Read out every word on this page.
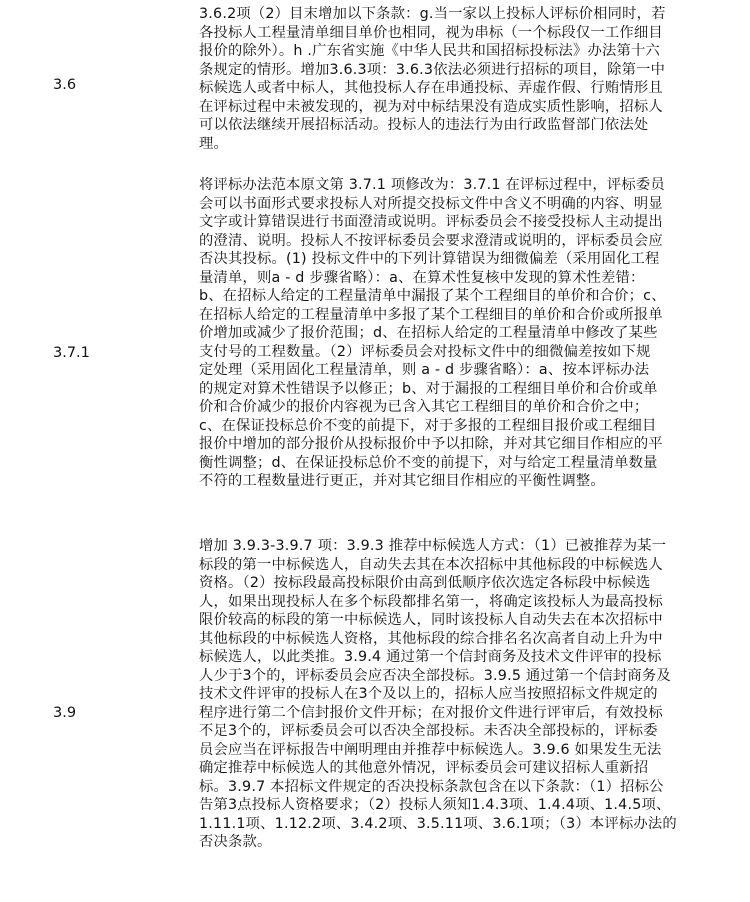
3.6
3.6.2项（2）目末增加以下条款：g.当一家以上投标人评标价相同时，若
各投标人工程量清单细目单价也相同，视为串标（一个标段仅一工作细目
报价的除外）。h .广东省实施《中华人民共和国招标投标法》办法第十六
条规定的情形。增加3.6.3项：3.6.3依法必须进行招标的项目，除第一中
标候选人或者中标人，其他投标人存在串通投标、弄虚作假、行贿情形且
在评标过程中未被发现的，视为对中标结果没有造成实质性影响，招标人
可以依法继续开展招标活动。投标人的违法行为由行政监督部门依法处
理。
3.7.1
将评标办法范本原文第 3.7.1 项修改为：3.7.1 在评标过程中，评标委员
会可以书面形式要求投标人对所提交投标文件中含义不明确的内容、明显
文字或计算错误进行书面澄清或说明。评标委员会不接受投标人主动提出
的澄清、说明。投标人不按评标委员会要求澄清或说明的，评标委员会应
否决其投标。(1) 投标文件中的下列计算错误为细微偏差（采用固化工程
量清单，则a - d 步骤省略）：a、在算术性复核中发现的算术性差错：
b、在招标人给定的工程量清单中漏报了某个工程细目的单价和合价；c、
在招标人给定的工程量清单中多报了某个工程细目的单价和合价或所报单
价增加或减少了报价范围；d、在招标人给定的工程量清单中修改了某些
支付号的工程数量。（2）评标委员会对投标文件中的细微偏差按如下规
定处理（采用固化工程量清单，则 a - d 步骤省略）：a、按本评标办法
的规定对算术性错误予以修正；b、对于漏报的工程细目单价和合价或单
价和合价减少的报价内容视为已含入其它工程细目的单价和合价之中；
c、在保证投标总价不变的前提下，对于多报的工程细目报价或工程细目
报价中增加的部分报价从投标报价中予以扣除，并对其它细目作相应的平
衡性调整；d、在保证投标总价不变的前提下，对与给定工程量清单数量
不符的工程数量进行更正，并对其它细目作相应的平衡性调整。
3.9
增加 3.9.3-3.9.7 项：3.9.3 推荐中标候选人方式：（1）已被推荐为某一
标段的第一中标候选人，自动失去其在本次招标中其他标段的中标候选人
资格。（2）按标段最高投标限价由高到低顺序依次选定各标段中标候选
人，如果出现投标人在多个标段都排名第一，将确定该投标人为最高投标
限价较高的标段的第一中标候选人，同时该投标人自动失去在本次招标中
其他标段的中标候选人资格，其他标段的综合排名名次高者自动上升为中
标候选人，以此类推。3.9.4 通过第一个信封商务及技术文件评审的投标
人少于3个的，评标委员会应否决全部投标。3.9.5 通过第一个信封商务及
技术文件评审的投标人在3个及以上的，招标人应当按照招标文件规定的
程序进行第二个信封报价文件开标；在对报价文件进行评审后，有效投标
不足3个的，评标委员会可以否决全部投标。未否决全部投标的，评标委
员会应当在评标报告中阐明理由并推荐中标候选人。3.9.6 如果发生无法
确定推荐中标候选人的其他意外情况，评标委员会可建议招标人重新招
标。3.9.7 本招标文件规定的否决投标条款包含在以下条款：（1）招标公
告第3点投标人资格要求；（2）投标人须知1.4.3项、1.4.4项、1.4.5项、
1.11.1项、1.12.2项、3.4.2项、3.5.11项、3.6.1项；（3）本评标办法的
否决条款。
